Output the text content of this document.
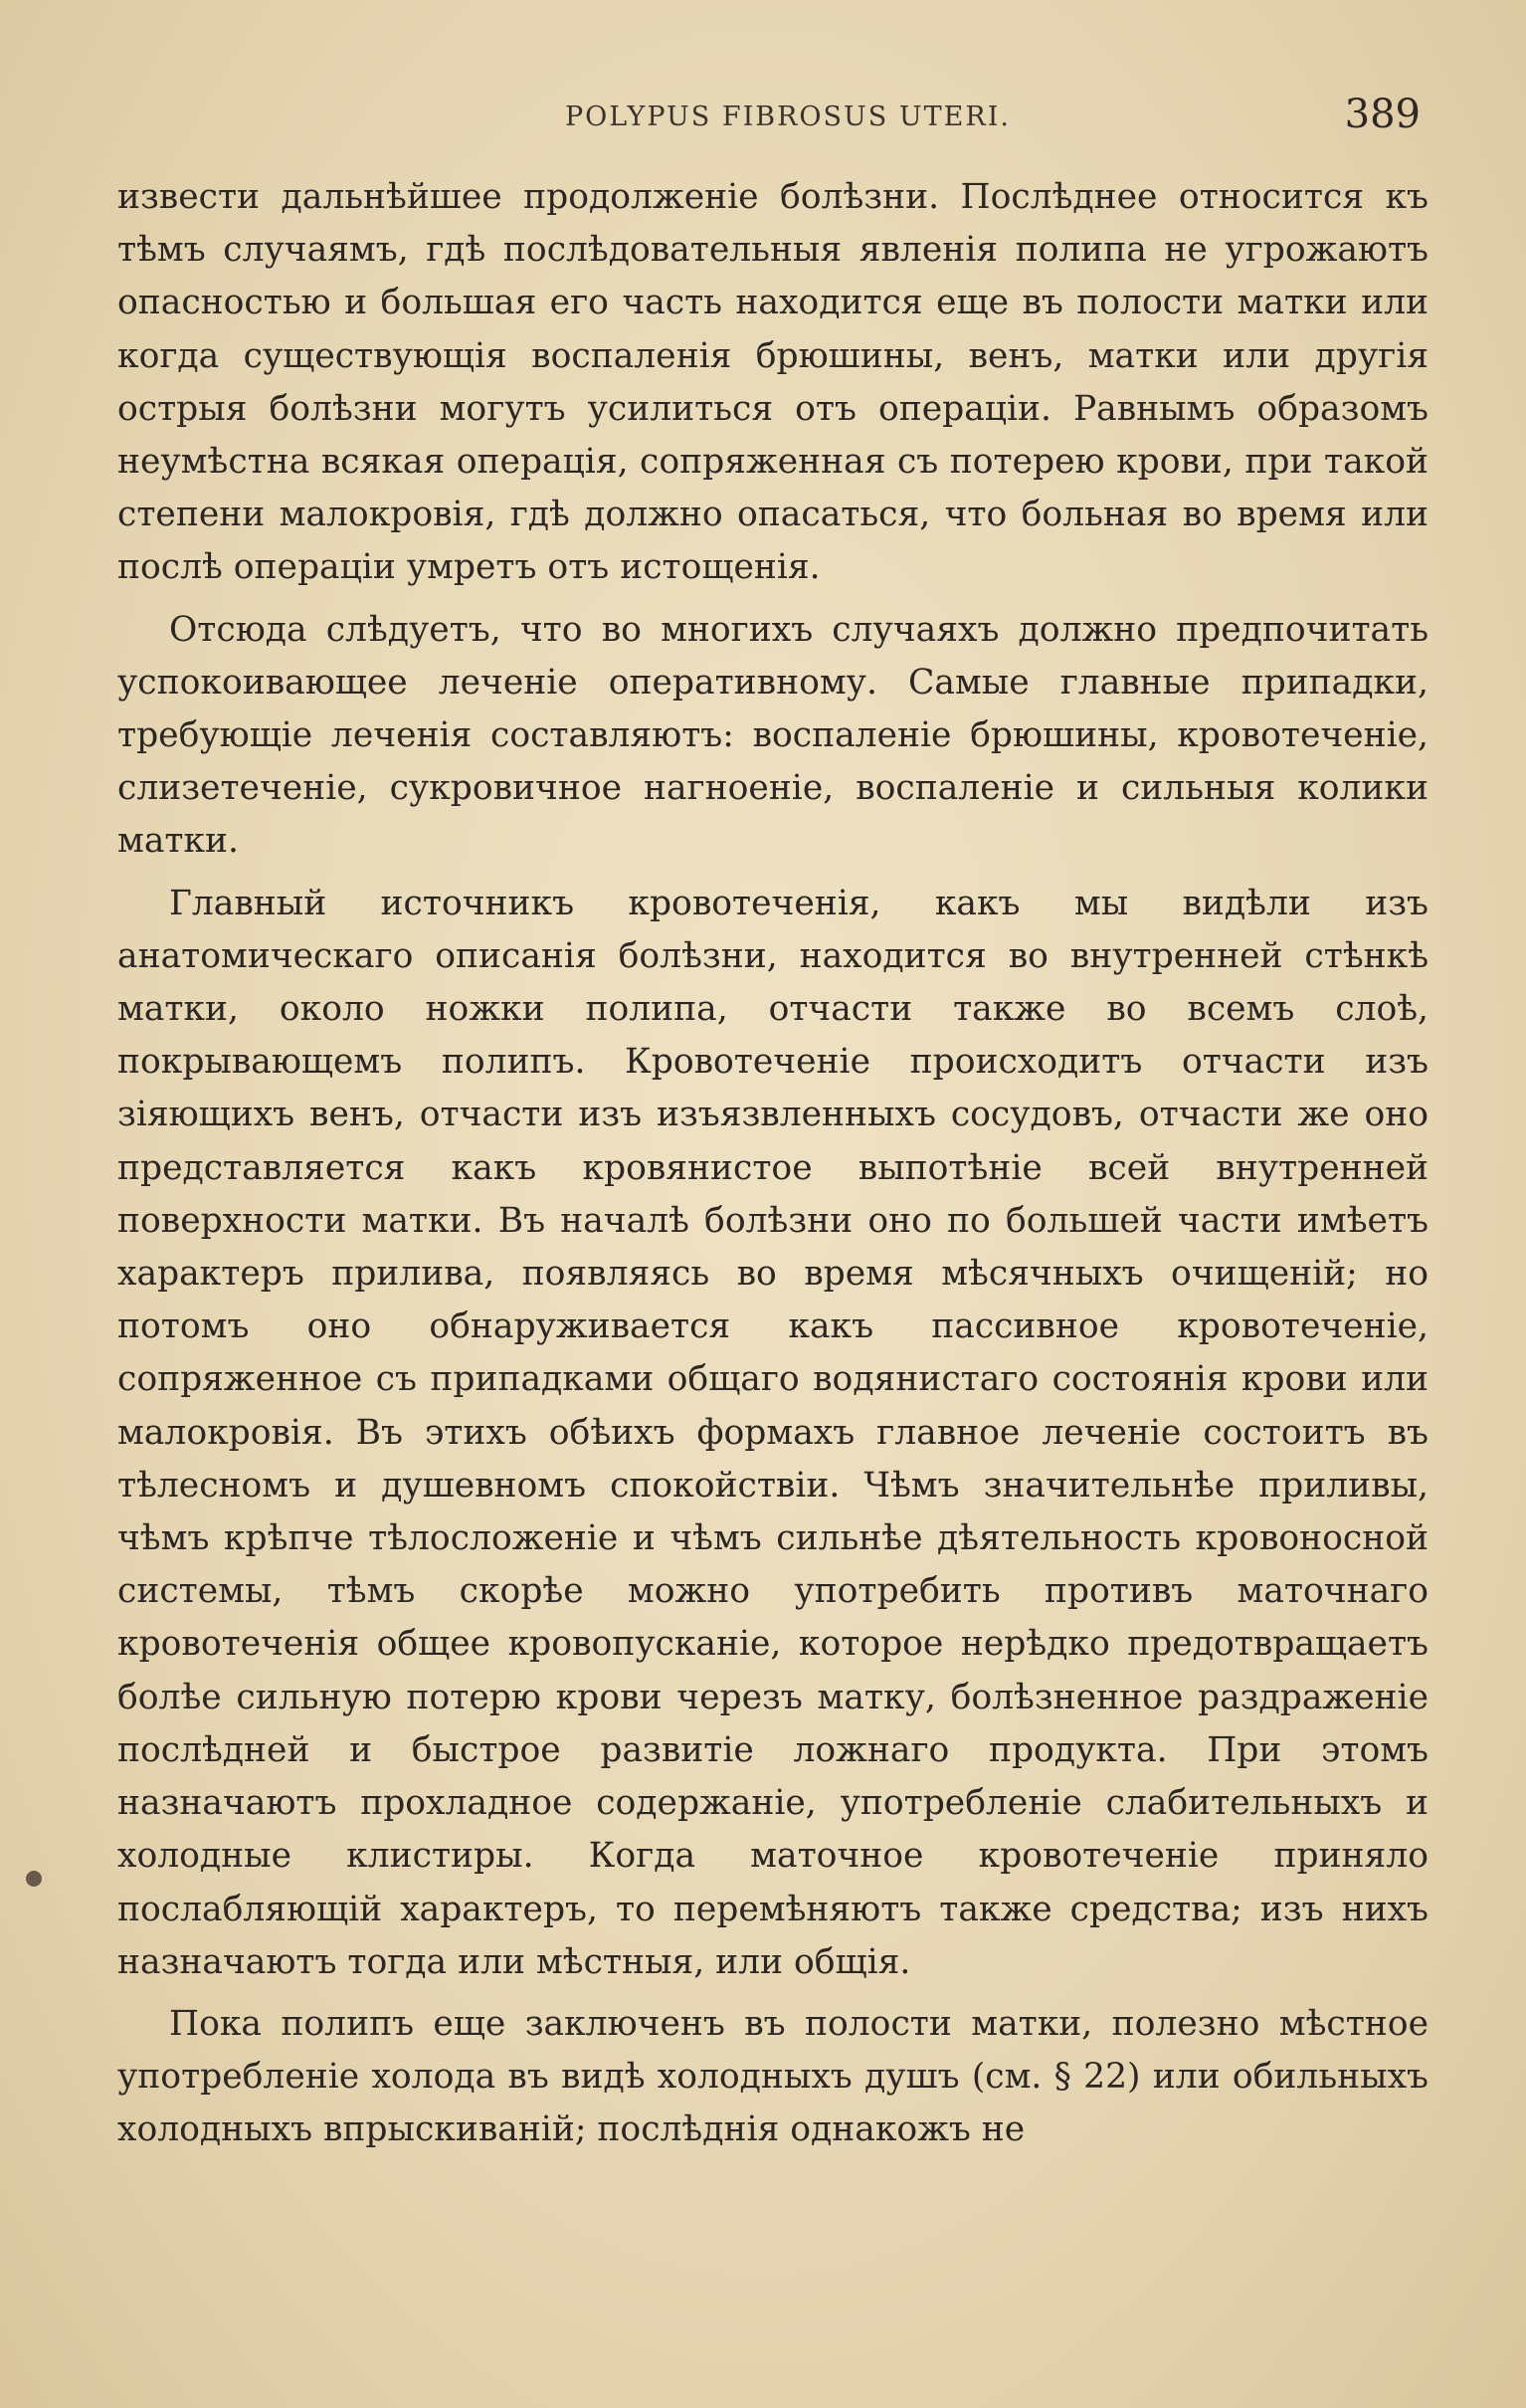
POLYPUS FIBROSUS UTERI.	389

извести дальнѣйшее продолженіе болѣзни. Послѣднее относится къ тѣмъ случаямъ, гдѣ послѣдовательныя явленія полипа не угрожаютъ опасностью и большая его часть находится еще въ полости матки или когда существующія воспаленія брюшины, венъ, матки или другія острыя болѣзни могутъ усилиться отъ операціи. Равнымъ образомъ неумѣстна всякая операція, сопряженная съ потерею крови, при такой степени малокровія, гдѣ должно опасаться, что больная во время или послѣ операціи умретъ отъ истощенія.

Отсюда слѣдуетъ, что во многихъ случаяхъ должно предпочитать успокоивающее леченіе оперативному. Самые главные припадки, требующіе леченія составляютъ: воспаленіе брюшины, кровотеченіе, слизетеченіе, сукровичное нагноеніе, воспаленіе и сильныя колики матки.

Главный источникъ кровотеченія, какъ мы видѣли изъ анатомическаго описанія болѣзни, находится во внутренней стѣнкѣ матки, около ножки полипа, отчасти также во всемъ слоѣ, покрывающемъ полипъ. Кровотеченіе происходитъ отчасти изъ зіяющихъ венъ, отчасти изъ изъязвленныхъ сосудовъ, отчасти же оно представляется какъ кровянистое выпотѣніе всей внутренней поверхности матки. Въ началѣ болѣзни оно по большей части имѣетъ характеръ прилива, появляясь во время мѣсячныхъ очищеній; но потомъ оно обнаруживается какъ пассивное кровотеченіе, сопряженное съ припадками общаго водянистаго состоянія крови или малокровія. Въ этихъ обѣихъ формахъ главное леченіе состоитъ въ тѣлесномъ и душевномъ спокойствіи. Чѣмъ значительнѣе приливы, чѣмъ крѣпче тѣлосложеніе и чѣмъ сильнѣе дѣятельность кровоносной системы, тѣмъ скорѣе можно употребить противъ маточнаго кровотеченія общее кровопусканіе, которое нерѣдко предотвращаетъ болѣе сильную потерю крови черезъ матку, болѣзненное раздраженіе послѣдней и быстрое развитіе ложнаго продукта. При этомъ назначаютъ прохладное содержаніе, употребленіе слабительныхъ и холодные клистиры. Когда маточное кровотеченіе приняло послабляющій характеръ, то перемѣняютъ также средства; изъ нихъ назначаютъ тогда или мѣстныя, или общія.

Пока полипъ еще заключенъ въ полости матки, полезно мѣстное употребленіе холода въ видѣ холодныхъ душъ (см. § 22) или обильныхъ холодныхъ впрыскиваній; послѣднія однакожъ не
